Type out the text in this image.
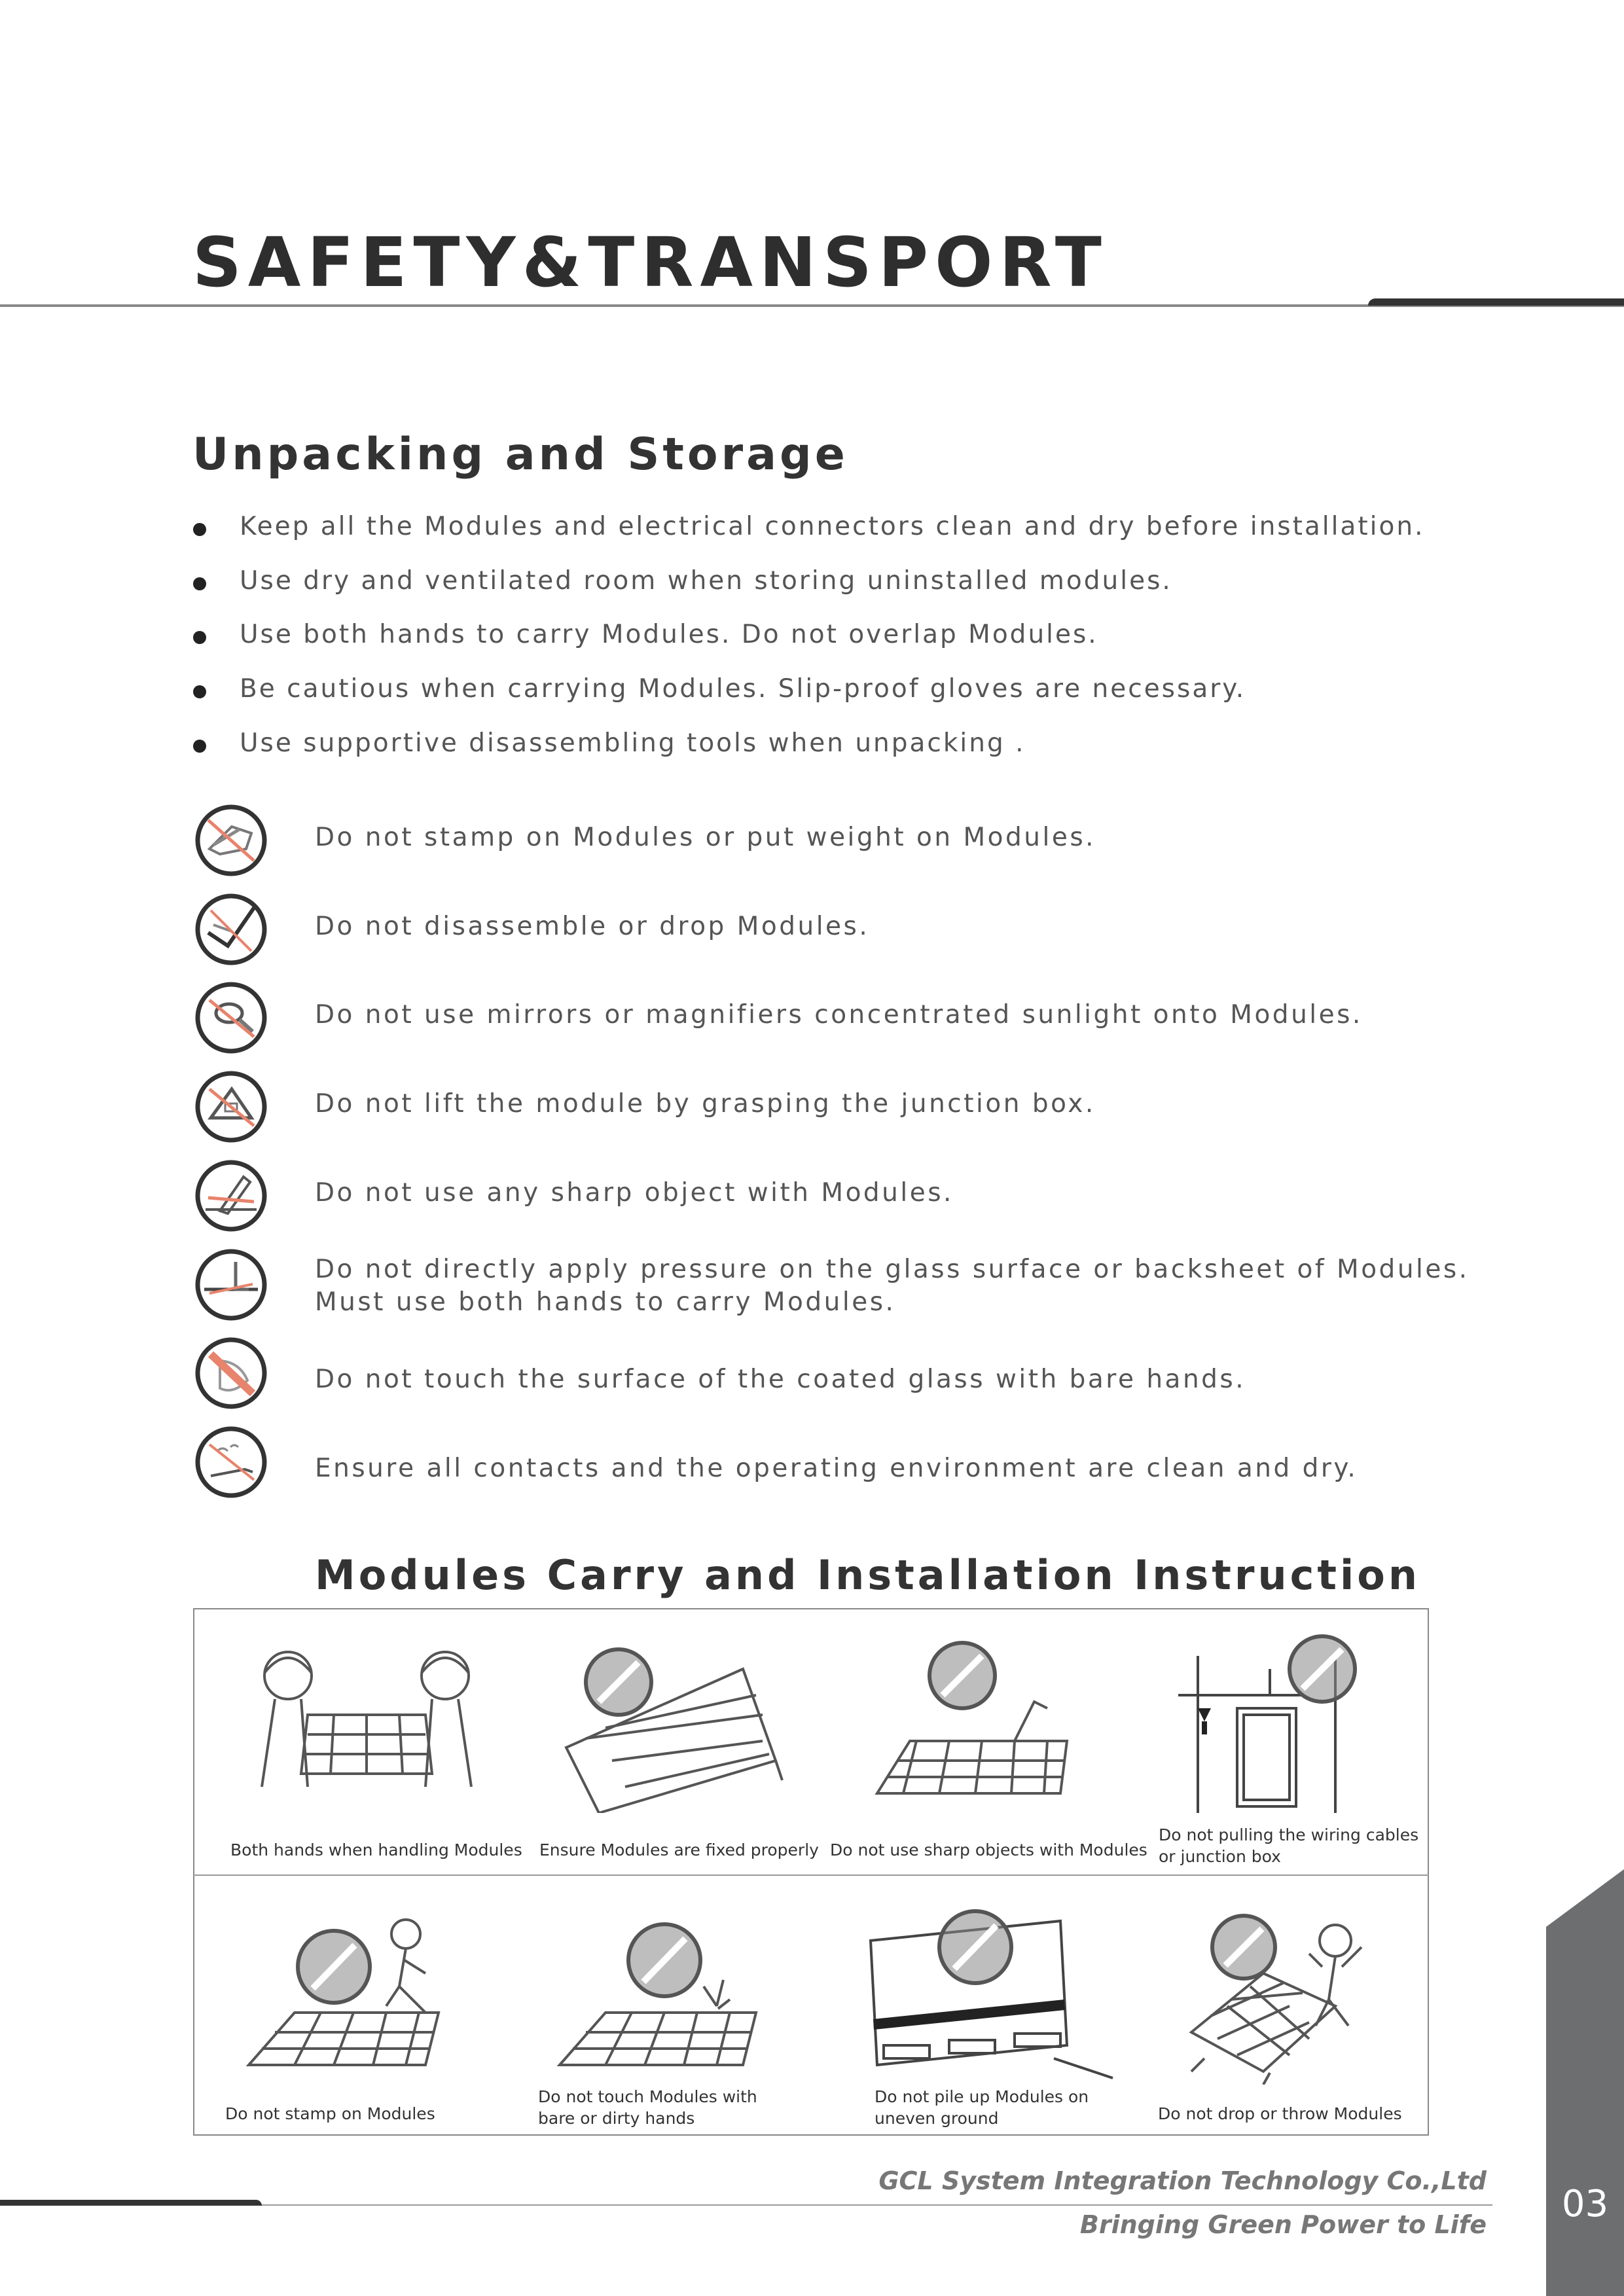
SAFETY&TRANSPORT
Unpacking and Storage
Keep all the Modules and electrical connectors clean and dry before installation.
Use dry and ventilated room when storing uninstalled modules.
Use both hands to carry Modules. Do not overlap Modules.
Be cautious when carrying Modules. Slip-proof gloves are necessary.
Use supportive disassembling tools when unpacking .
Do not stamp on Modules or put weight on Modules.
Do not disassemble or drop Modules.
Do not use mirrors or magnifiers concentrated sunlight onto Modules.
Do not lift the module by grasping the junction box.
Do not use any sharp object with Modules.
Do not directly apply pressure on the glass surface or backsheet of Modules.
Must use both hands to carry Modules.
Do not touch the surface of the coated glass with bare hands.
Ensure all contacts and the operating environment are clean and dry.
Modules Carry and Installation Instruction
Both hands when handling Modules Ensure Modules are fixed properly Do not use sharp objects with Modules
Do not pulling the wiring cables
or junction box
Do not stamp on Modules
Do not touch Modules with
bare or dirty hands
Do not pile up Modules on
uneven ground	Do not drop or throw Modules
GCL System Integration Technology Co.,Ltd
Bringing Green Power to Life	03
